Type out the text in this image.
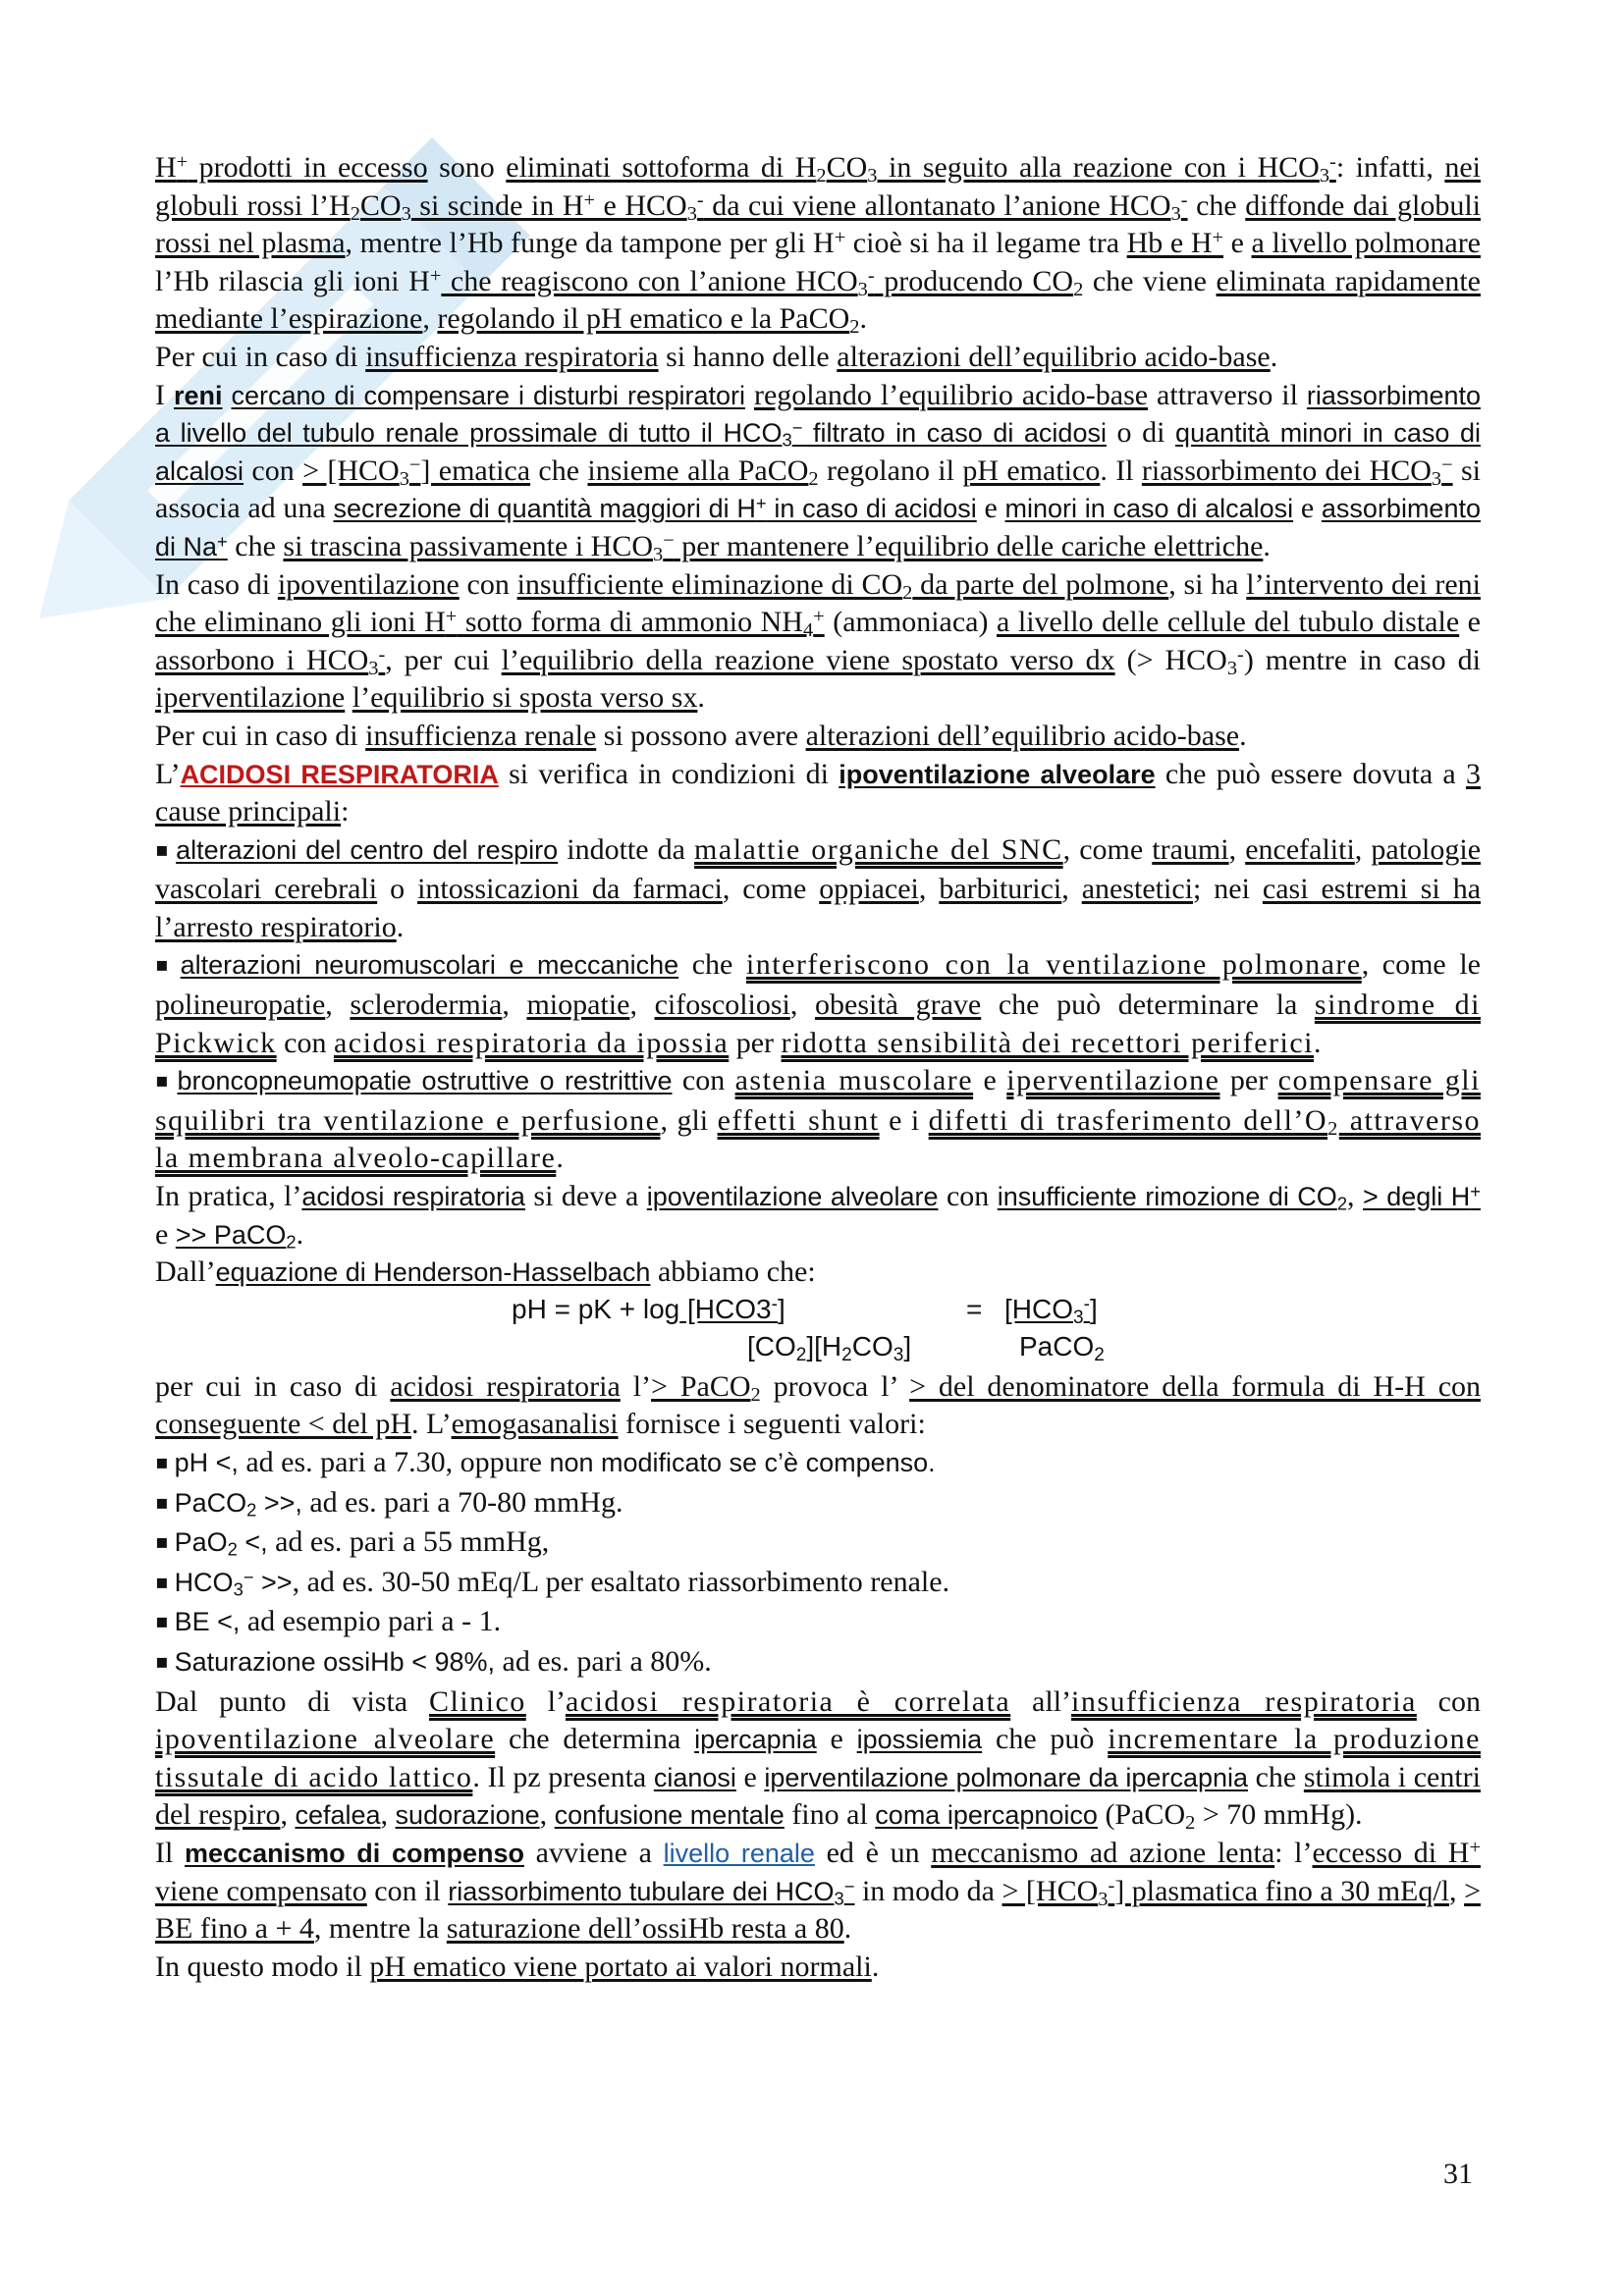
H+ prodotti in eccesso sono eliminati sottoforma di $H_2CO_3$ in seguito alla reazione con i $HCO_3^-$: infatti, nei globuli rossi $l’H_2CO_3$ si scinde in H+ e $HCO_3^-$ da cui viene allontanato l’anione $HCO_3^-$ che diffonde dai globuli rossi nel plasma, mentre l’Hb funge da tampone per gli H+ cioè si ha il legame tra Hb e H+ e a livello polmonare l’Hb rilascia gli ioni H+ che reagiscono con l’anione $HCO_3^-$ producendo $CO_2$ che viene eliminata rapidamente mediante l’espirazione, regolando il pH ematico e la PaCO$_2$.

Per cui in caso di insufficienza respiratoria si hanno delle alterazioni dell’equilibrio acido-base.

I reni cercano di compensare i disturbi respiratori regolando l’equilibrio acido-base attraverso il riassorbimento a livello del tubulo renale prossimale di tutto il $HCO_3^-$ filtrato in caso di acidosi o di quantità minori in caso di alcalosi con > $[HCO_3^-]$ ematica che insieme alla PaCO$_2$ regolano il pH ematico. Il riassorbimento dei $HCO_3^-$ si associa ad una secrezione di quantità maggiori di H+ in caso di acidosi e minori in caso di alcalosi e assorbimento di Na+ che si trascina passivamente i $HCO_3^-$ per mantenere l’equilibrio delle cariche elettriche.

In caso di ipoventilazione con insufficiente eliminazione di $CO_2$ da parte del polmone, si ha l’intervento dei reni che eliminano gli ioni H+ sotto forma di ammonio $NH_4^+$ (ammoniaca) a livello delle cellule del tubulo distale e assorbono i $HCO_3^-$, per cui l’equilibrio della reazione viene spostato verso dx (> $HCO_3^-$) mentre in caso di iperventilazione l’equilibrio si sposta verso sx.

Per cui in caso di insufficienza renale si possono avere alterazioni dell’equilibrio acido-base.

L’ACIDOSI RESPIRATORIA si verifica in condizioni di ipoventilazione alveolare che può essere dovuta a 3 cause principali:

▪ alterazioni del centro del respiro indotte da malattie organiche del SNC, come traumi, encefaliti, patologie vascolari cerebrali o intossicazioni da farmaci, come oppiacei, barbiturici, anestetici; nei casi estremi si ha l’arresto respiratorio.

▪ alterazioni neuromuscolari e meccaniche che interferiscono con la ventilazione polmonare, come le polineuropatie, sclerodermia, miopatie, cifoscoliosi, obesità grave che può determinare la sindrome di Pickwick con acidosi respiratoria da ipossia per ridotta sensibilità dei recettori periferici.

▪ broncopneumopatie ostruttive o restrittive con astenia muscolare e iperventilazione per compensare gli squilibri tra ventilazione e perfusione, gli effetti shunt e i difetti di trasferimento $dell’O_2$ attraverso la membrana alveolo-capillare.

In pratica, l’acidosi respiratoria si deve a ipoventilazione alveolare con insufficiente rimozione di $CO_2$, > degli H+ e >> PaCO$_2$.

Dall’equazione di Henderson-Hasselbach abbiamo che:

pH = pK + log [HCO3-]	= $[HCO_3^-]$
$[CO_2][H_2CO_3]$	PaCO$_2$

per cui in caso di acidosi respiratoria l’> PaCO$_2$ provoca l’ > del denominatore della formula di H-H con conseguente < del pH. L’emogasanalisi fornisce i seguenti valori:

▪ pH <, ad es. pari a 7.30, oppure non modificato se c’è compenso.

▪ PaCO$_2$ >>, ad es. pari a 70-80 mmHg.

▪ PaO$_2$ <, ad es. pari a 55 mmHg,

▪ $HCO_3^-$ >>, ad es. 30-50 mEq/L per esaltato riassorbimento renale.

▪ BE <, ad esempio pari a - 1.

▪ Saturazione ossiHb < 98%, ad es. pari a 80%.

Dal punto di vista Clinico l’acidosi respiratoria è correlata all’insufficienza respiratoria con ipoventilazione alveolare che determina ipercapnia e ipossiemia che può incrementare la produzione tissutale di acido lattico. Il pz presenta cianosi e iperventilazione polmonare da ipercapnia che stimola i centri del respiro, cefalea, sudorazione, confusione mentale fino al coma ipercapnoico (PaCO$_2$ > 70 mmHg).

Il meccanismo di compenso avviene a livello renale ed è un meccanismo ad azione lenta: l’eccesso di H+ viene compensato con il riassorbimento tubulare dei $HCO_3^-$ in modo da > $[HCO_3^-]$ plasmatica fino a 30 mEq/l, > BE fino a + 4, mentre la saturazione dell’ossiHb resta a 80.

In questo modo il pH ematico viene portato ai valori normali.

31
